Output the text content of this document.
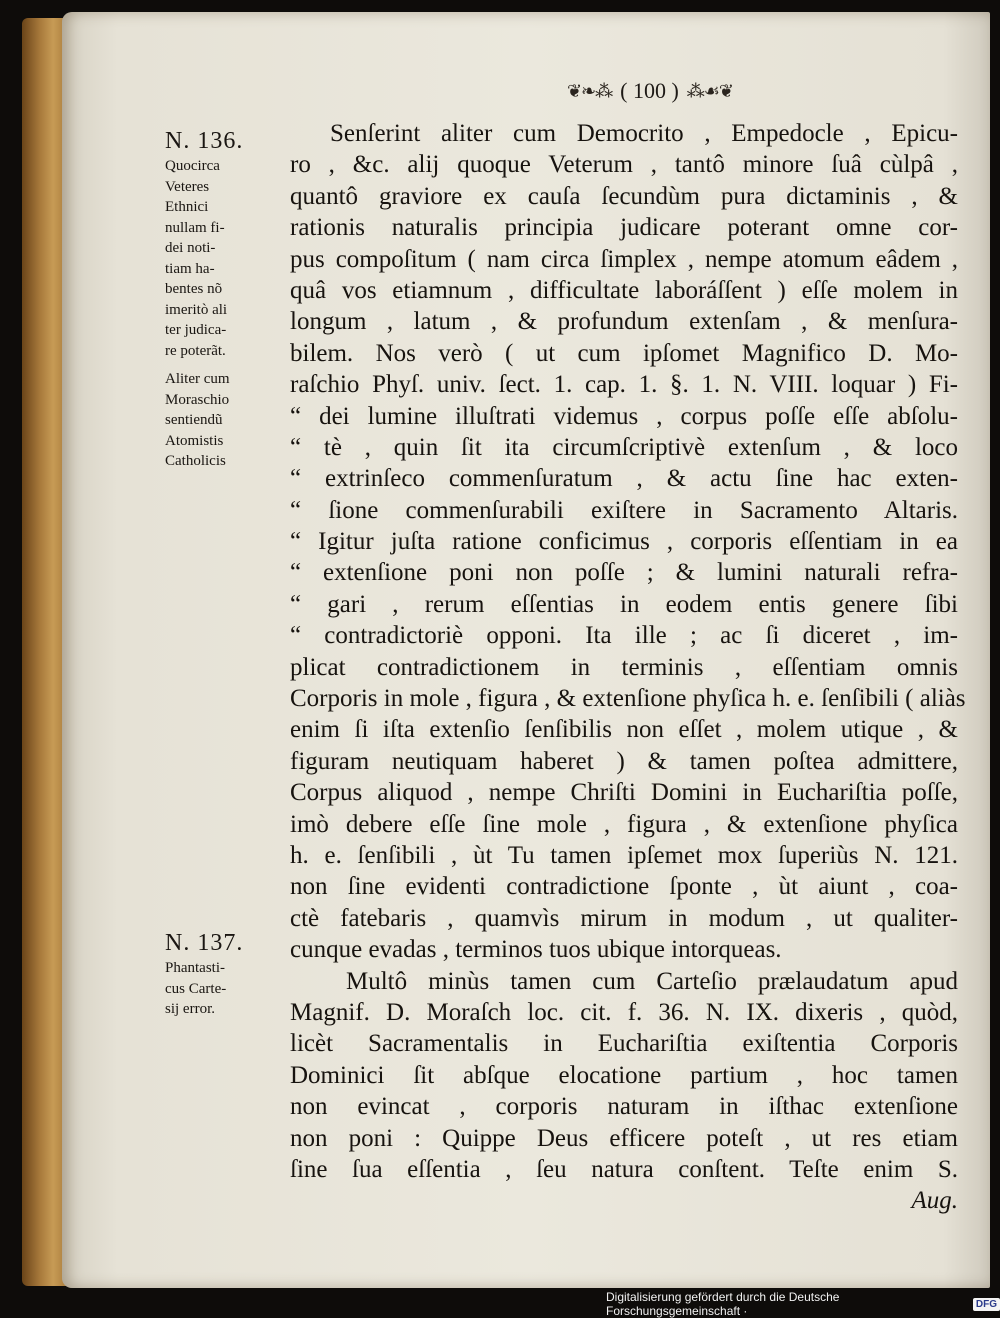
❦❧⁂ ( 100 ) ⁂☙❦
N. 136.
Quocirca
Veteres
Ethnici
nullam fi-
dei noti-
tiam ha-
bentes nõ
imeritò ali
ter judica-
re poterãt.
Aliter cum
Moraschio
sentiendũ
Atomistis
Catholicis
N. 137.
Phantasti-
cus Carte-
sij error.
Senſerint aliter cum Democrito , Empedocle , Epicu-
ro , &c. alij quoque Veterum , tantô minore ſuâ cùlpâ ,
quantô graviore ex cauſa ſecundùm pura dictaminis , &
rationis naturalis principia judicare poterant omne cor-
pus compoſitum ( nam circa ſimplex , nempe atomum eâdem ,
quâ vos etiamnum , difficultate laboráſſent ) eſſe molem in
longum , latum , & profundum extenſam , & menſura-
bilem. Nos verò ( ut cum ipſomet Magnifico D. Mo-
raſchio Phyſ. univ. ſect. 1. cap. 1. §. 1. N. VIII. loquar ) Fi-
“ dei lumine illuſtrati videmus , corpus poſſe eſſe abſolu-
“ tè , quin ſit ita circumſcriptivè extenſum , & loco
“ extrinſeco commenſuratum , & actu ſine hac exten-
“ ſione commenſurabili exiſtere in Sacramento Altaris.
“ Igitur juſta ratione conficimus , corporis eſſentiam in ea
“ extenſione poni non poſſe ; & lumini naturali refra-
“ gari , rerum eſſentias in eodem entis genere ſibi
“ contradictoriè opponi. Ita ille ; ac ſi diceret , im-
plicat contradictionem in terminis , eſſentiam omnis
Corporis in mole , figura , & extenſione phyſica h. e. ſenſibili ( aliàs
enim ſi iſta extenſio ſenſibilis non eſſet , molem utique , &
figuram neutiquam haberet ) & tamen poſtea admittere,
Corpus aliquod , nempe Chriſti Domini in Euchariſtia poſſe,
imò debere eſſe ſine mole , figura , & extenſione phyſica
h. e. ſenſibili , ùt Tu tamen ipſemet mox ſuperiùs N. 121.
non ſine evidenti contradictione ſponte , ùt aiunt , coa-
ctè fatebaris , quamvìs mirum in modum , ut qualiter-
cunque evadas , terminos tuos ubique intorqueas.
Multô minùs tamen cum Carteſio prælaudatum apud
Magnif. D. Moraſch loc. cit. f. 36. N. IX. dixeris , quòd,
licèt Sacramentalis in Euchariſtia exiſtentia Corporis
Dominici ſit abſque elocatione partium , hoc tamen
non evincat , corporis naturam in iſthac extenſione
non poni : Quippe Deus efficere poteſt , ut res etiam
ſine ſua eſſentia , ſeu natura conſtent. Teſte enim S.
Aug.
Digitalisierung gefördert durch die Deutsche Forschungsgemeinschaft ·	DFG
